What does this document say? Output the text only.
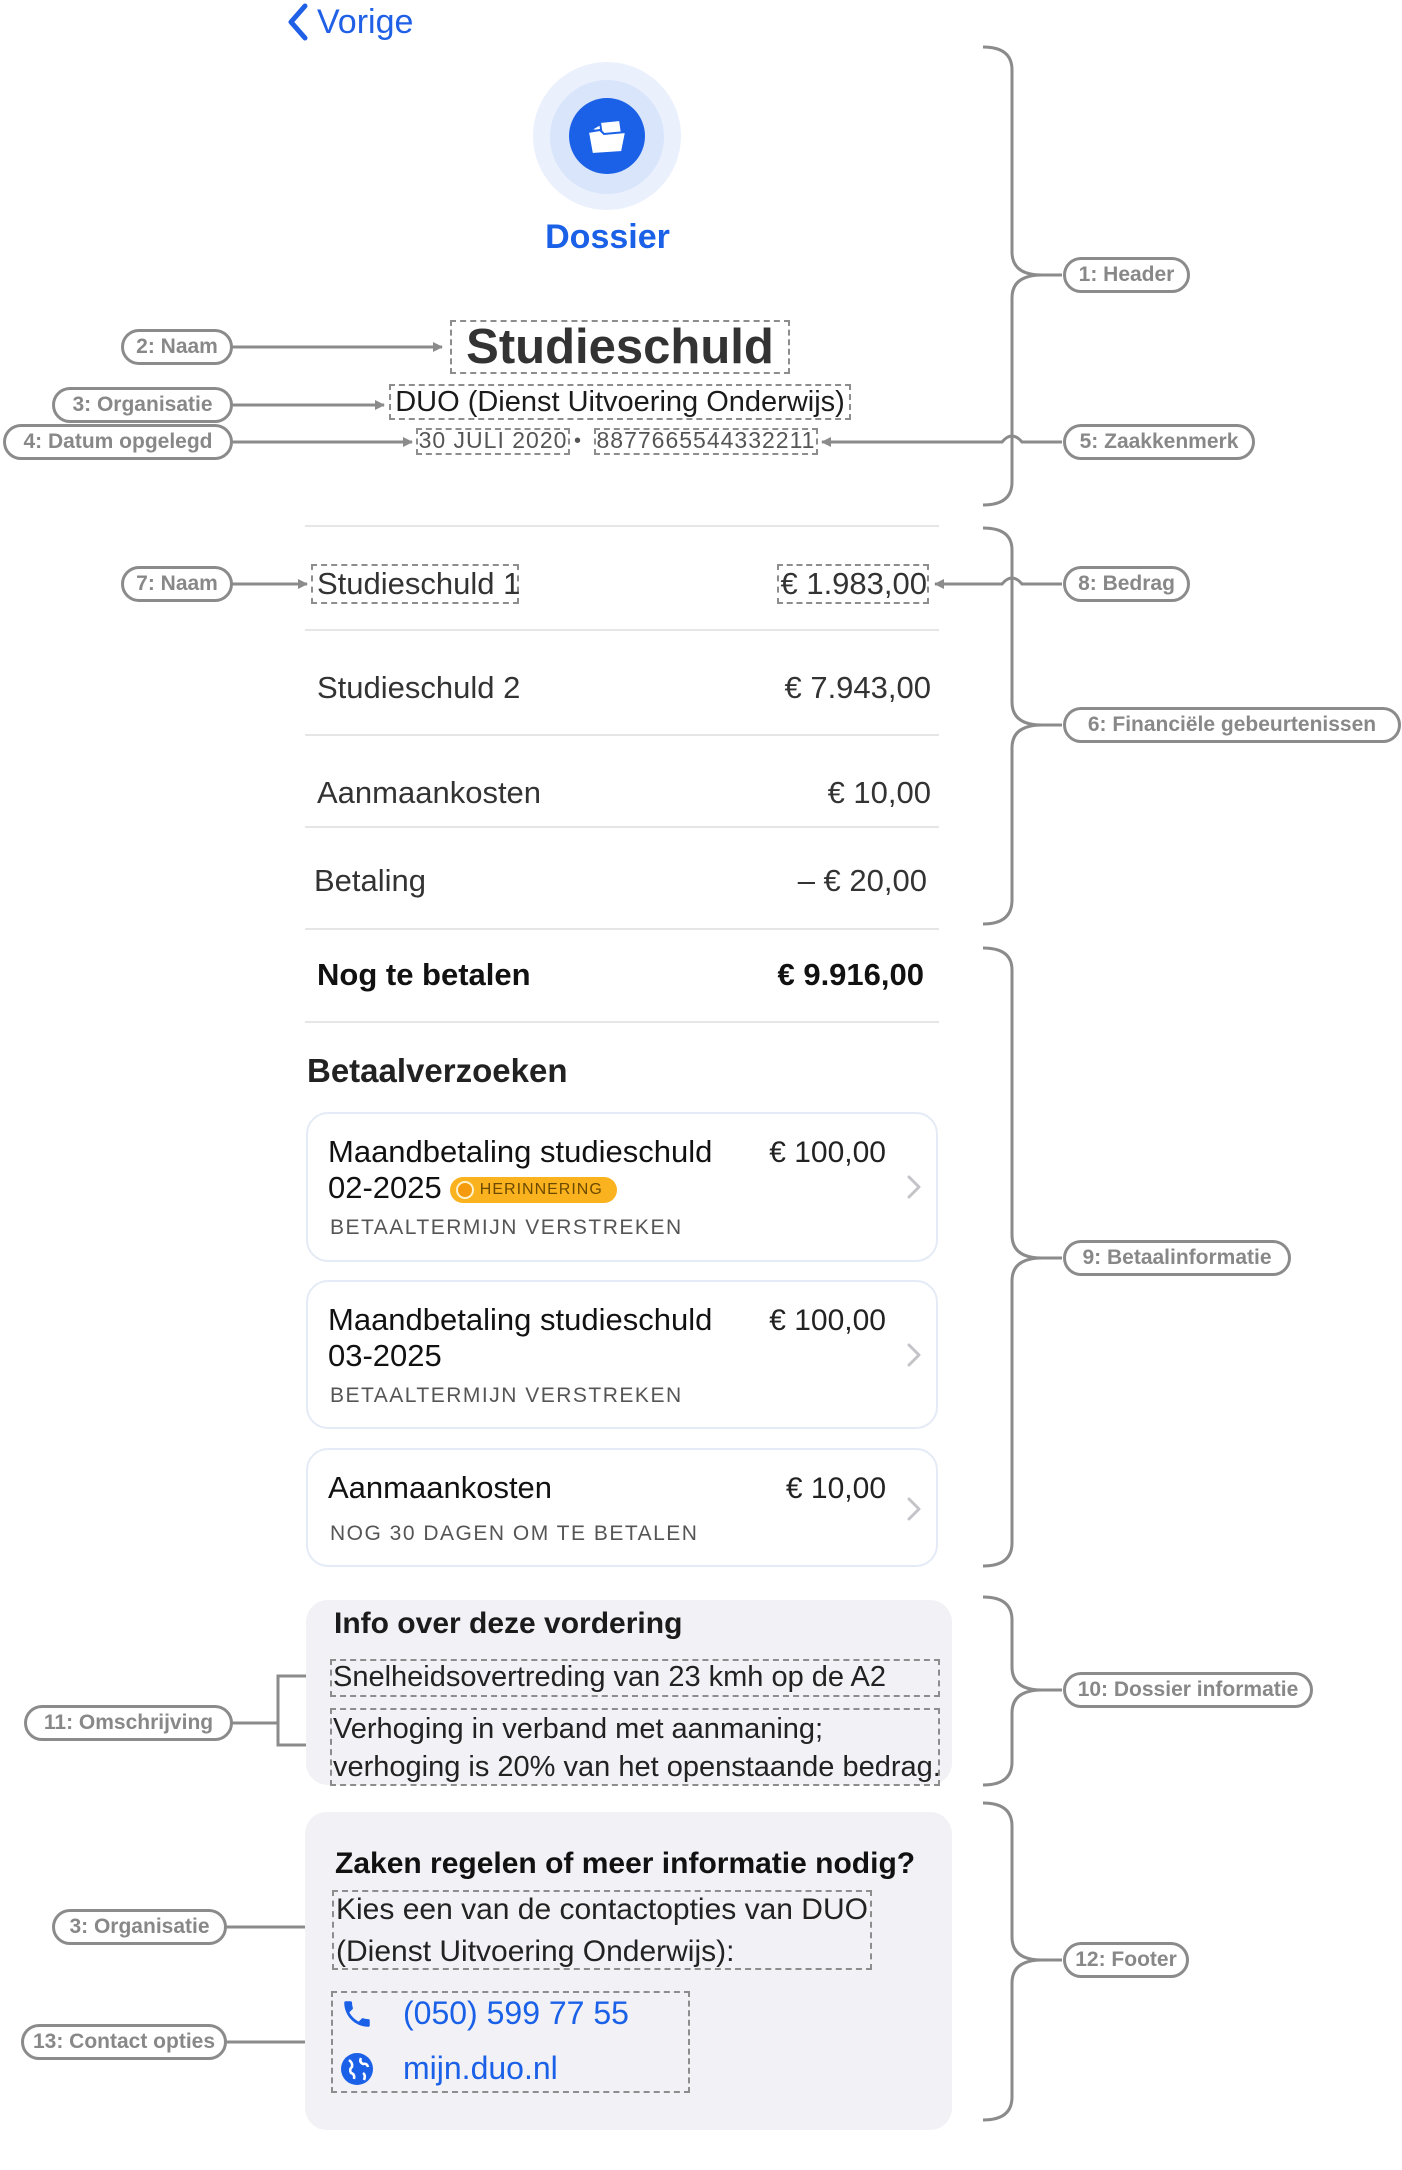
Vorige
Dossier
Studieschuld
DUO (Dienst Uitvoering Onderwijs)
30 JULI 2020 • 8877665544332211
Studieschuld 1	€ 1.983,00
Studieschuld 2	€ 7.943,00
Aanmaankosten	€ 10,00
Betaling	– € 20,00
Nog te betalen	€ 9.916,00
Betaalverzoeken
Maandbetaling studieschuld
02-2025 HERINNERING
€ 100,00
BETAALTERMIJN VERSTREKEN
Maandbetaling studieschuld
03-2025
€ 100,00
BETAALTERMIJN VERSTREKEN
Aanmaankosten	€ 10,00
NOG 30 DAGEN OM TE BETALEN
Info over deze vordering
Snelheidsovertreding van 23 kmh op de A2
Verhoging in verband met aanmaning;
verhoging is 20% van het openstaande bedrag.
Zaken regelen of meer informatie nodig?
Kies een van de contactopties van DUO
(Dienst Uitvoering Onderwijs):
(050) 599 77 55
mijn.duo.nl
1: Header
2: Naam
3: Organisatie
4: Datum opgelegd	5: Zaakkenmerk
7: Naam	8: Bedrag
6: Financiële gebeurtenissen
9: Betaalinformatie
10: Dossier informatie
11: Omschrijving
12: Footer
3: Organisatie
13: Contact opties
